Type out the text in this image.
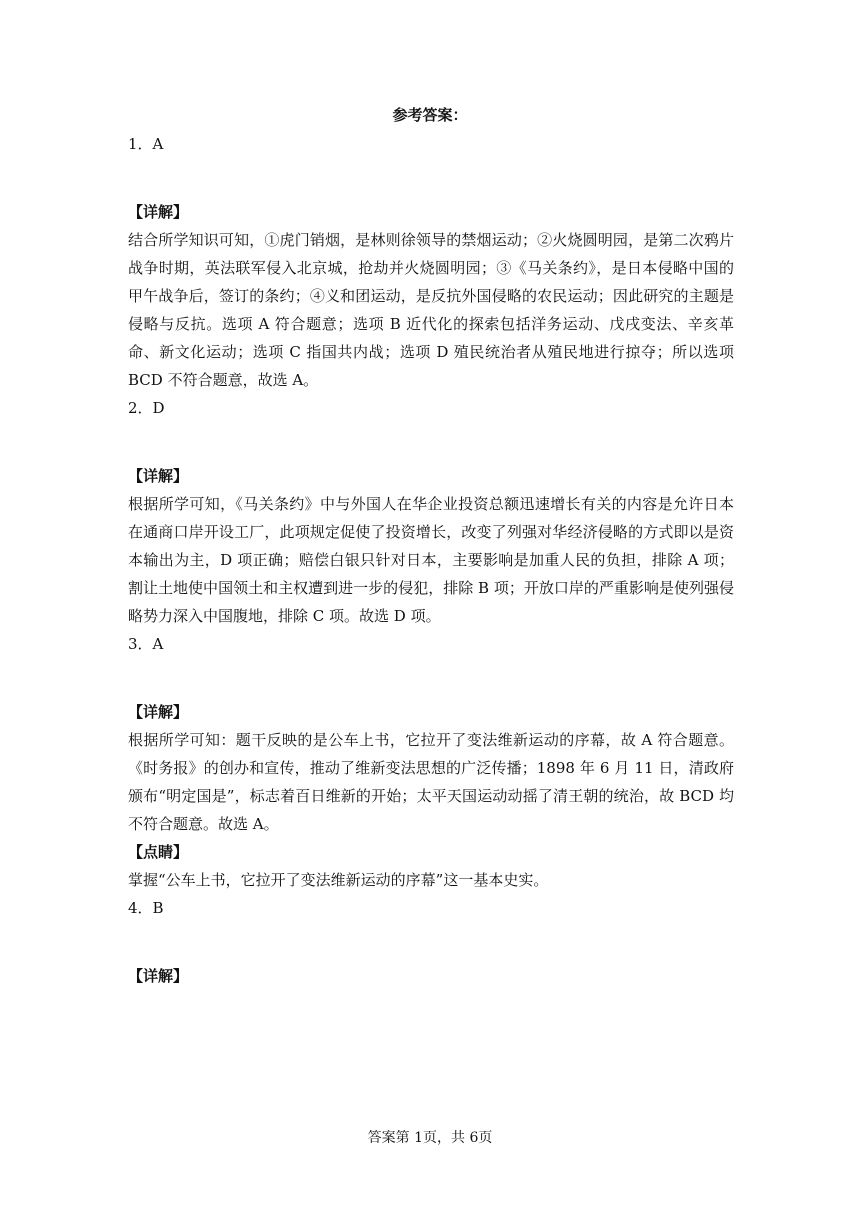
参考答案：
1．A
【详解】

结合所学知识可知，①虎门销烟，是林则徐领导的禁烟运动；②火烧圆明园，是第二次鸦片战争时期，英法联军侵入北京城，抢劫并火烧圆明园；③《马关条约》，是日本侵略中国的甲午战争后，签订的条约；④义和团运动，是反抗外国侵略的农民运动；因此研究的主题是侵略与反抗。选项 A 符合题意；选项 B 近代化的探索包括洋务运动、戊戌变法、辛亥革命、新文化运动；选项 C 指国共内战；选项 D 殖民统治者从殖民地进行掠夺；所以选项 BCD 不符合题意，故选 A。

2．D
【详解】

根据所学可知，《马关条约》中与外国人在华企业投资总额迅速增长有关的内容是允许日本在通商口岸开设工厂，此项规定促使了投资增长，改变了列强对华经济侵略的方式即以是资本输出为主，D 项正确；赔偿白银只针对日本，主要影响是加重人民的负担，排除 A 项；割让土地使中国领土和主权遭到进一步的侵犯，排除 B 项；开放口岸的严重影响是使列强侵略势力深入中国腹地，排除 C 项。故选 D 项。

3．A
【详解】

根据所学可知：题干反映的是公车上书，它拉开了变法维新运动的序幕，故 A 符合题意。《时务报》的创办和宣传，推动了维新变法思想的广泛传播；1898 年 6 月 11 日，清政府颁布“明定国是”，标志着百日维新的开始；太平天国运动动摇了清王朝的统治，故 BCD 均不符合题意。故选 A。

【点睛】

掌握“公车上书，它拉开了变法维新运动的序幕”这一基本史实。

4．B
【详解】
答案第 1页，共 6页
